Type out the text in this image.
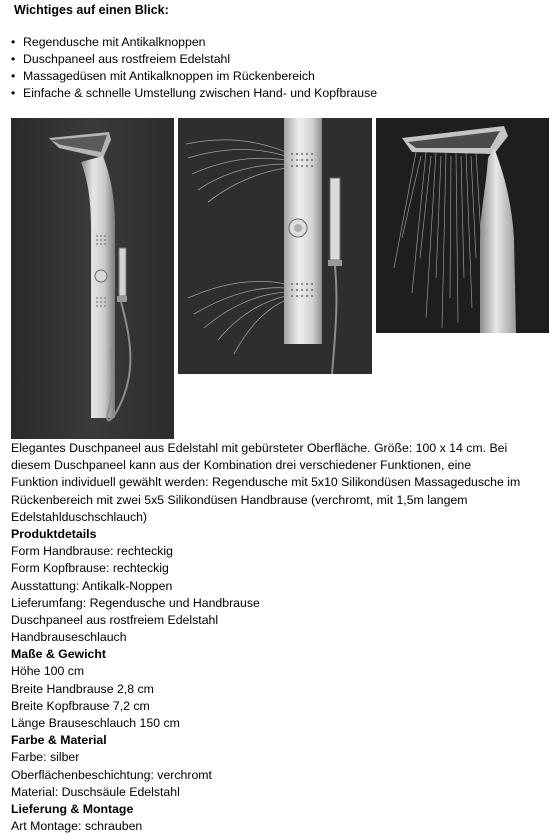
Wichtiges auf einen Blick:
• Regendusche mit Antikalknoppen
• Duschpaneel aus rostfreiem Edelstahl
• Massagedüsen mit Antikalknoppen im Rückenbereich
• Einfache & schnelle Umstellung zwischen Hand- und Kopfbrause
Elegantes Duschpaneel aus Edelstahl mit gebürsteter Oberfläche. Größe: 100 x 14 cm. Bei
diesem Duschpaneel kann aus der Kombination drei verschiedener Funktionen, eine
Funktion individuell gewählt werden: Regendusche mit 5x10 Silikondüsen Massagedusche im
Rückenbereich mit zwei 5x5 Silikondüsen Handbrause (verchromt, mit 1,5m langem
Edelstahlduschschlauch)
Produktdetails
Form Handbrause: rechteckig
Form Kopfbrause: rechteckig
Ausstattung: Antikalk-Noppen
Lieferumfang: Regendusche und Handbrause
Duschpaneel aus rostfreiem Edelstahl
Handbrauseschlauch
Maße & Gewicht
Höhe 100 cm
Breite Handbrause 2,8 cm
Breite Kopfbrause 7,2 cm
Länge Brauseschlauch 150 cm
Farbe & Material
Farbe: silber
Oberflächenbeschichtung: verchromt
Material: Duschsäule Edelstahl
Lieferung & Montage
Art Montage: schrauben
